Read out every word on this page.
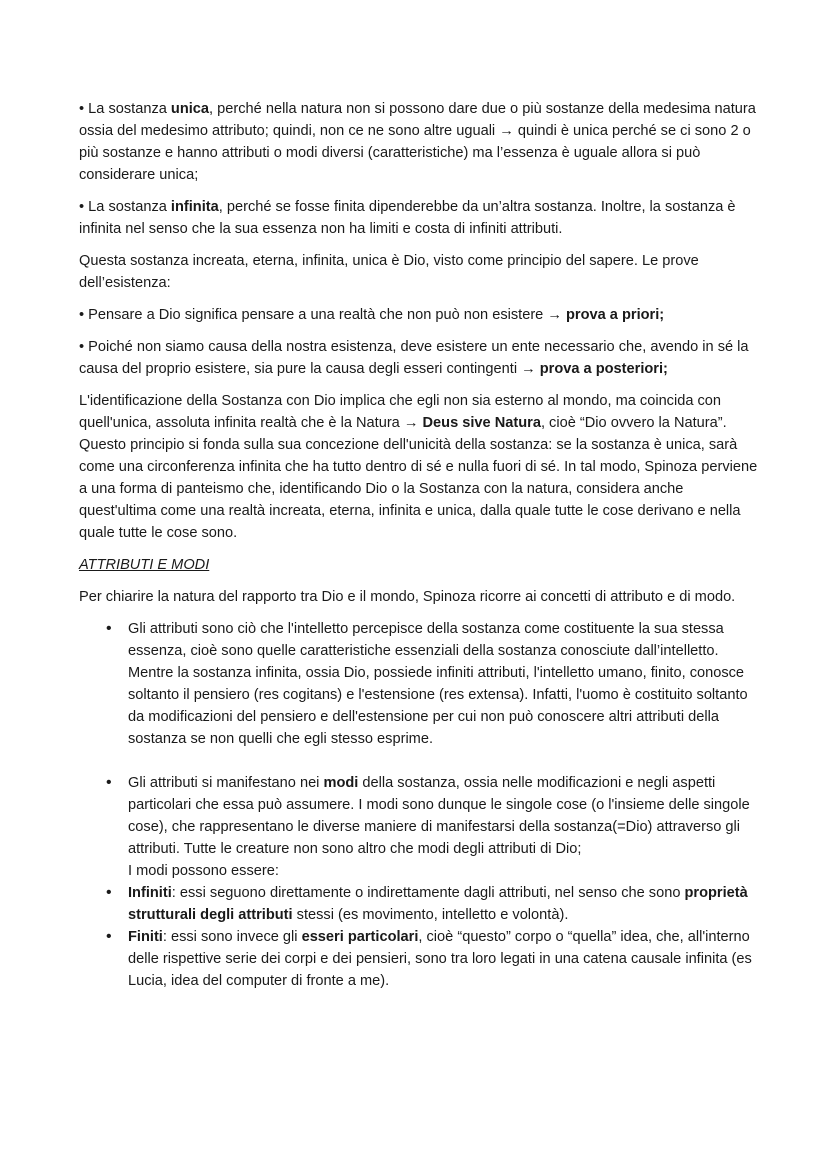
• La sostanza unica, perché nella natura non si possono dare due o più sostanze della medesima natura ossia del medesimo attributo; quindi, non ce ne sono altre uguali → quindi è unica perché se ci sono 2 o più sostanze e hanno attributi o modi diversi (caratteristiche) ma l’essenza è uguale allora si può considerare unica;

• La sostanza infinita, perché se fosse finita dipenderebbe da un’altra sostanza. Inoltre, la sostanza è infinita nel senso che la sua essenza non ha limiti e costa di infiniti attributi.

Questa sostanza increata, eterna, infinita, unica è Dio, visto come principio del sapere. Le prove dell’esistenza:

• Pensare a Dio significa pensare a una realtà che non può non esistere → prova a priori;

• Poiché non siamo causa della nostra esistenza, deve esistere un ente necessario che, avendo in sé la causa del proprio esistere, sia pure la causa degli esseri contingenti → prova a posteriori;

L'identificazione della Sostanza con Dio implica che egli non sia esterno al mondo, ma coincida con quell'unica, assoluta infinita realtà che è la Natura → Deus sive Natura, cioè “Dio ovvero la Natura”. Questo principio si fonda sulla sua concezione dell'unicità della sostanza: se la sostanza è unica, sarà come una circonferenza infinita che ha tutto dentro di sé e nulla fuori di sé. In tal modo, Spinoza perviene a una forma di panteismo che, identificando Dio o la Sostanza con la natura, considera anche quest'ultima come una realtà increata, eterna, infinita e unica, dalla quale tutte le cose derivano e nella quale tutte le cose sono.

ATTRIBUTI E MODI

Per chiarire la natura del rapporto tra Dio e il mondo, Spinoza ricorre ai concetti di attributo e di modo.

• Gli attributi sono ciò che l'intelletto percepisce della sostanza come costituente la sua stessa essenza, cioè sono quelle caratteristiche essenziali della sostanza conosciute dall’intelletto. Mentre la sostanza infinita, ossia Dio, possiede infiniti attributi, l'intelletto umano, finito, conosce soltanto il pensiero (res cogitans) e l'estensione (res extensa). Infatti, l'uomo è costituito soltanto da modificazioni del pensiero e dell'estensione per cui non può conoscere altri attributi della sostanza se non quelli che egli stesso esprime.
• Gli attributi si manifestano nei modi della sostanza, ossia nelle modificazioni e negli aspetti particolari che essa può assumere. I modi sono dunque le singole cose (o l'insieme delle singole cose), che rappresentano le diverse maniere di manifestarsi della sostanza(=Dio) attraverso gli attributi. Tutte le creature non sono altro che modi degli attributi di Dio;
I modi possono essere:
• Infiniti: essi seguono direttamente o indirettamente dagli attributi, nel senso che sono proprietà strutturali degli attributi stessi (es movimento, intelletto e volontà).
• Finiti: essi sono invece gli esseri particolari, cioè “questo” corpo o “quella” idea, che, all'interno delle rispettive serie dei corpi e dei pensieri, sono tra loro legati in una catena causale infinita (es Lucia, idea del computer di fronte a me).
